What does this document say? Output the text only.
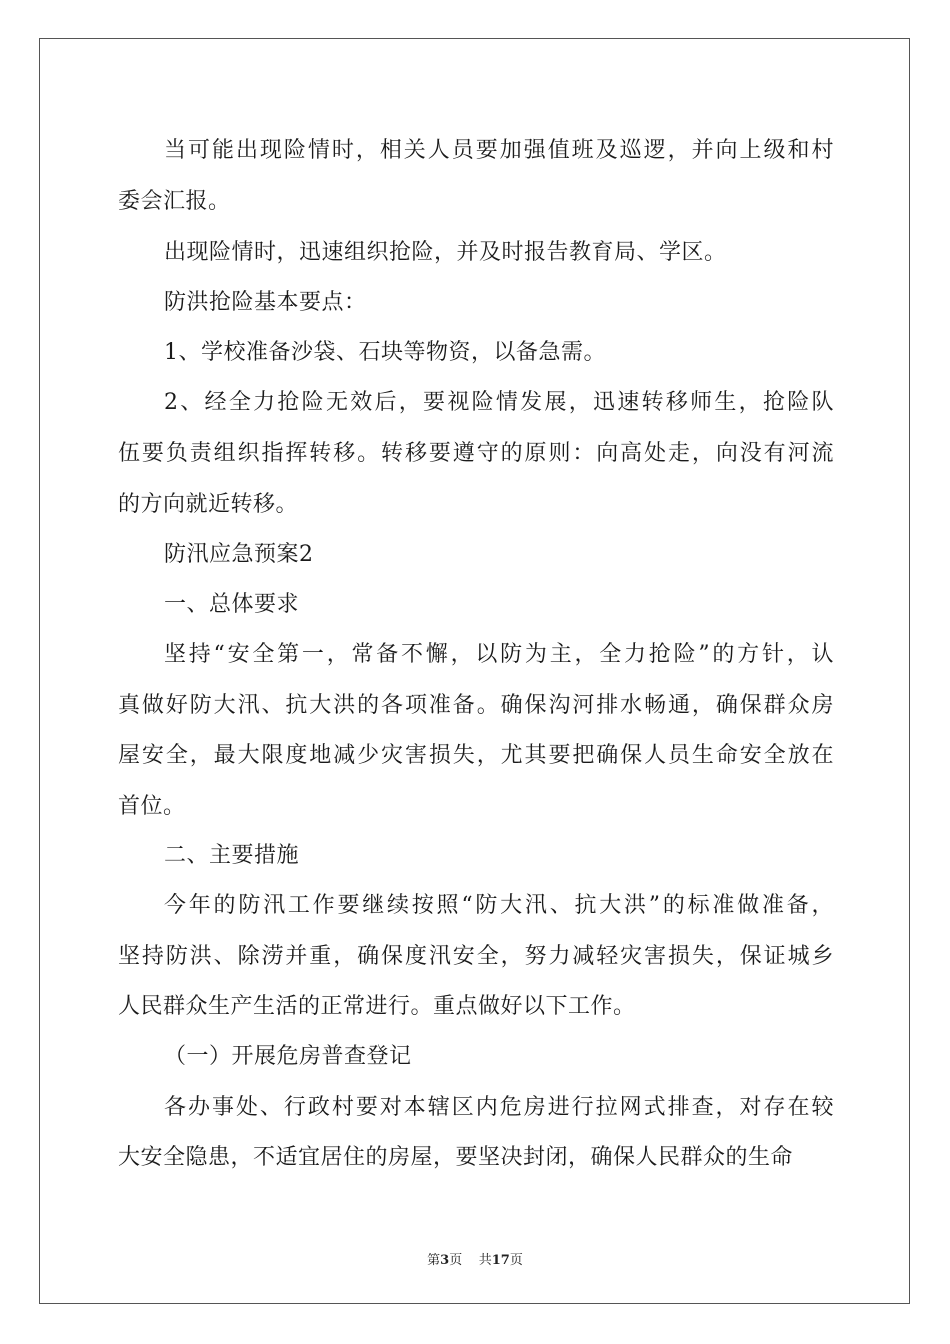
当可能出现险情时，相关人员要加强值班及巡逻，并向上级和村
委会汇报。
出现险情时，迅速组织抢险，并及时报告教育局、学区。
防洪抢险基本要点：
1、学校准备沙袋、石块等物资，以备急需。
2、经全力抢险无效后，要视险情发展，迅速转移师生，抢险队
伍要负责组织指挥转移。转移要遵守的原则：向高处走，向没有河流
的方向就近转移。
防汛应急预案2
一、总体要求
坚持“安全第一，常备不懈，以防为主，全力抢险”的方针，认
真做好防大汛、抗大洪的各项准备。确保沟河排水畅通，确保群众房
屋安全，最大限度地减少灾害损失，尤其要把确保人员生命安全放在
首位。
二、主要措施
今年的防汛工作要继续按照“防大汛、抗大洪”的标准做准备，
坚持防洪、除涝并重，确保度汛安全，努力减轻灾害损失，保证城乡
人民群众生产生活的正常进行。重点做好以下工作。
（一）开展危房普查登记
各办事处、行政村要对本辖区内危房进行拉网式排查，对存在较
大安全隐患，不适宜居住的房屋，要坚决封闭，确保人民群众的生命
第3页 共17页
